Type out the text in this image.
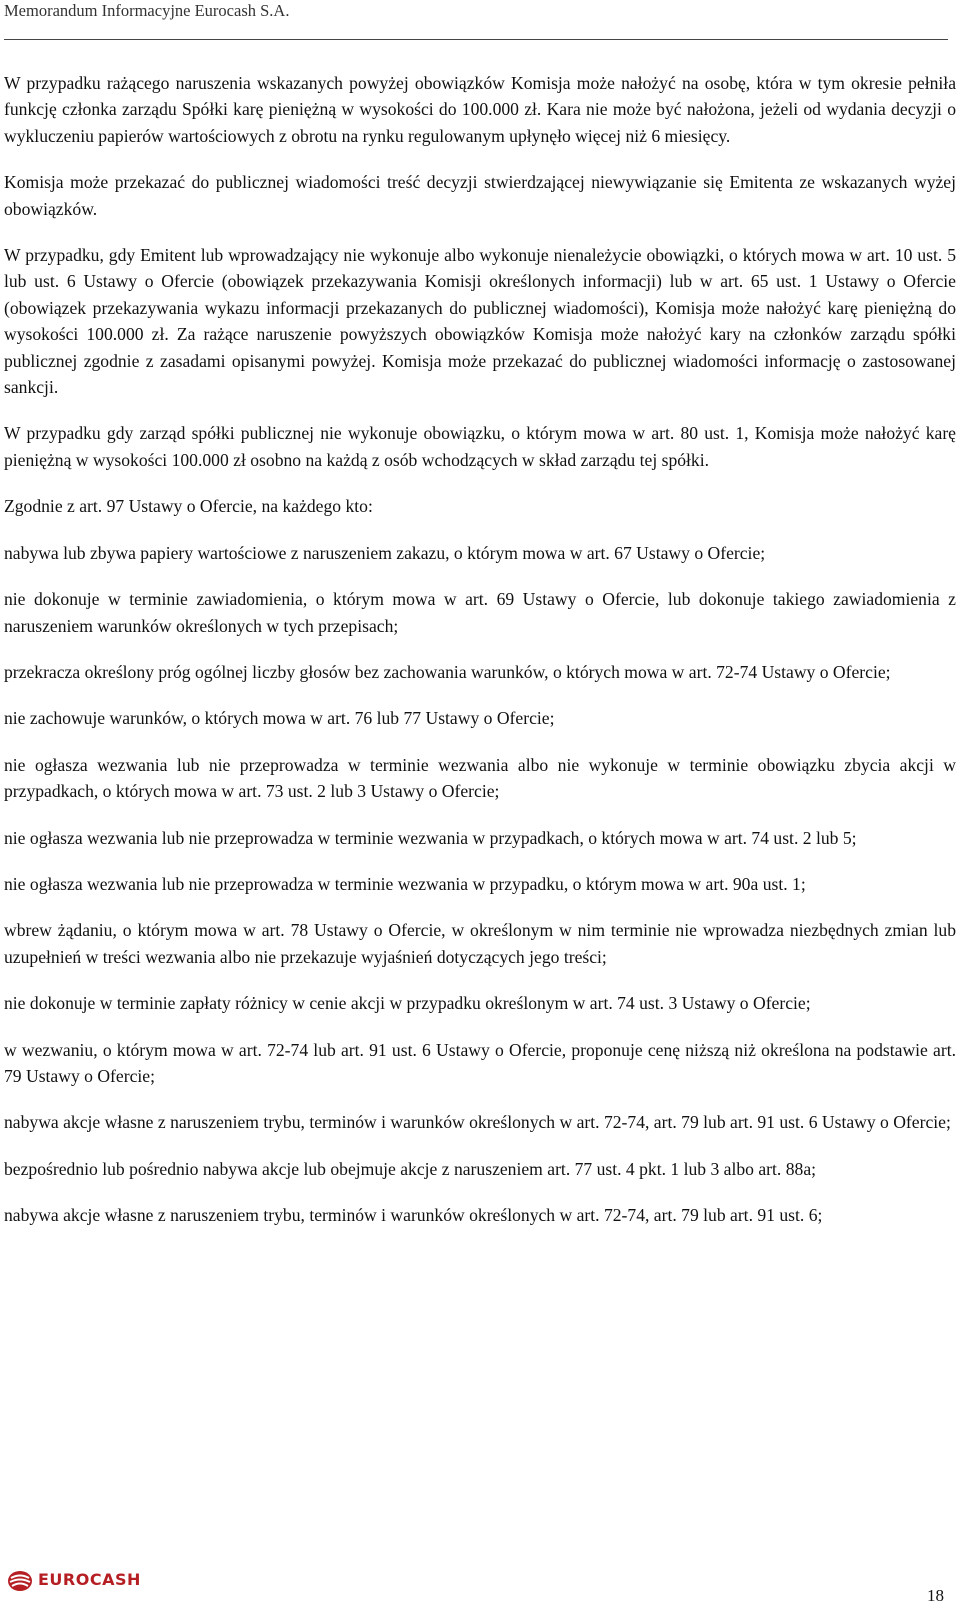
Memorandum Informacyjne Eurocash S.A.

W przypadku rażącego naruszenia wskazanych powyżej obowiązków Komisja może nałożyć na osobę, która w tym okresie pełniła funkcję członka zarządu Spółki karę pieniężną w wysokości do 100.000 zł. Kara nie może być nałożona, jeżeli od wydania decyzji o wykluczeniu papierów wartościowych z obrotu na rynku regulowanym upłynęło więcej niż 6 miesięcy.

Komisja może przekazać do publicznej wiadomości treść decyzji stwierdzającej niewywiązanie się Emitenta ze wskazanych wyżej obowiązków.

W przypadku, gdy Emitent lub wprowadzający nie wykonuje albo wykonuje nienależycie obowiązki, o których mowa w art. 10 ust. 5 lub ust. 6 Ustawy o Ofercie (obowiązek przekazywania Komisji określonych informacji) lub w art. 65 ust. 1 Ustawy o Ofercie (obowiązek przekazywania wykazu informacji przekazanych do publicznej wiadomości), Komisja może nałożyć karę pieniężną do wysokości 100.000 zł. Za rażące naruszenie powyższych obowiązków Komisja może nałożyć kary na członków zarządu spółki publicznej zgodnie z zasadami opisanymi powyżej. Komisja może przekazać do publicznej wiadomości informację o zastosowanej sankcji.

W przypadku gdy zarząd spółki publicznej nie wykonuje obowiązku, o którym mowa w art. 80 ust. 1, Komisja może nałożyć karę pieniężną w wysokości 100.000 zł osobno na każdą z osób wchodzących w skład zarządu tej spółki.

Zgodnie z art. 97 Ustawy o Ofercie, na każdego kto:

nabywa lub zbywa papiery wartościowe z naruszeniem zakazu, o którym mowa w art. 67 Ustawy o Ofercie;

nie dokonuje w terminie zawiadomienia, o którym mowa w art. 69 Ustawy o Ofercie, lub dokonuje takiego zawiadomienia z naruszeniem warunków określonych w tych przepisach;

przekracza określony próg ogólnej liczby głosów bez zachowania warunków, o których mowa w art. 72-74 Ustawy o Ofercie;

nie zachowuje warunków, o których mowa w art. 76 lub 77 Ustawy o Ofercie;

nie ogłasza wezwania lub nie przeprowadza w terminie wezwania albo nie wykonuje w terminie obowiązku zbycia akcji w przypadkach, o których mowa w art. 73 ust. 2 lub 3 Ustawy o Ofercie;

nie ogłasza wezwania lub nie przeprowadza w terminie wezwania w przypadkach, o których mowa w art. 74 ust. 2 lub 5;

nie ogłasza wezwania lub nie przeprowadza w terminie wezwania w przypadku, o którym mowa w art. 90a ust. 1;

wbrew żądaniu, o którym mowa w art. 78 Ustawy o Ofercie, w określonym w nim terminie nie wprowadza niezbędnych zmian lub uzupełnień w treści wezwania albo nie przekazuje wyjaśnień dotyczących jego treści;

nie dokonuje w terminie zapłaty różnicy w cenie akcji w przypadku określonym w art. 74 ust. 3 Ustawy o Ofercie;

w wezwaniu, o którym mowa w art. 72-74 lub art. 91 ust. 6 Ustawy o Ofercie, proponuje cenę niższą niż określona na podstawie art. 79 Ustawy o Ofercie;

nabywa akcje własne z naruszeniem trybu, terminów i warunków określonych w art. 72-74, art. 79 lub art. 91 ust. 6 Ustawy o Ofercie;

bezpośrednio lub pośrednio nabywa akcje lub obejmuje akcje z naruszeniem art. 77 ust. 4 pkt. 1 lub 3 albo art. 88a;

nabywa akcje własne z naruszeniem trybu, terminów i warunków określonych w art. 72-74, art. 79 lub art. 91 ust. 6;

EUROCASH
18
